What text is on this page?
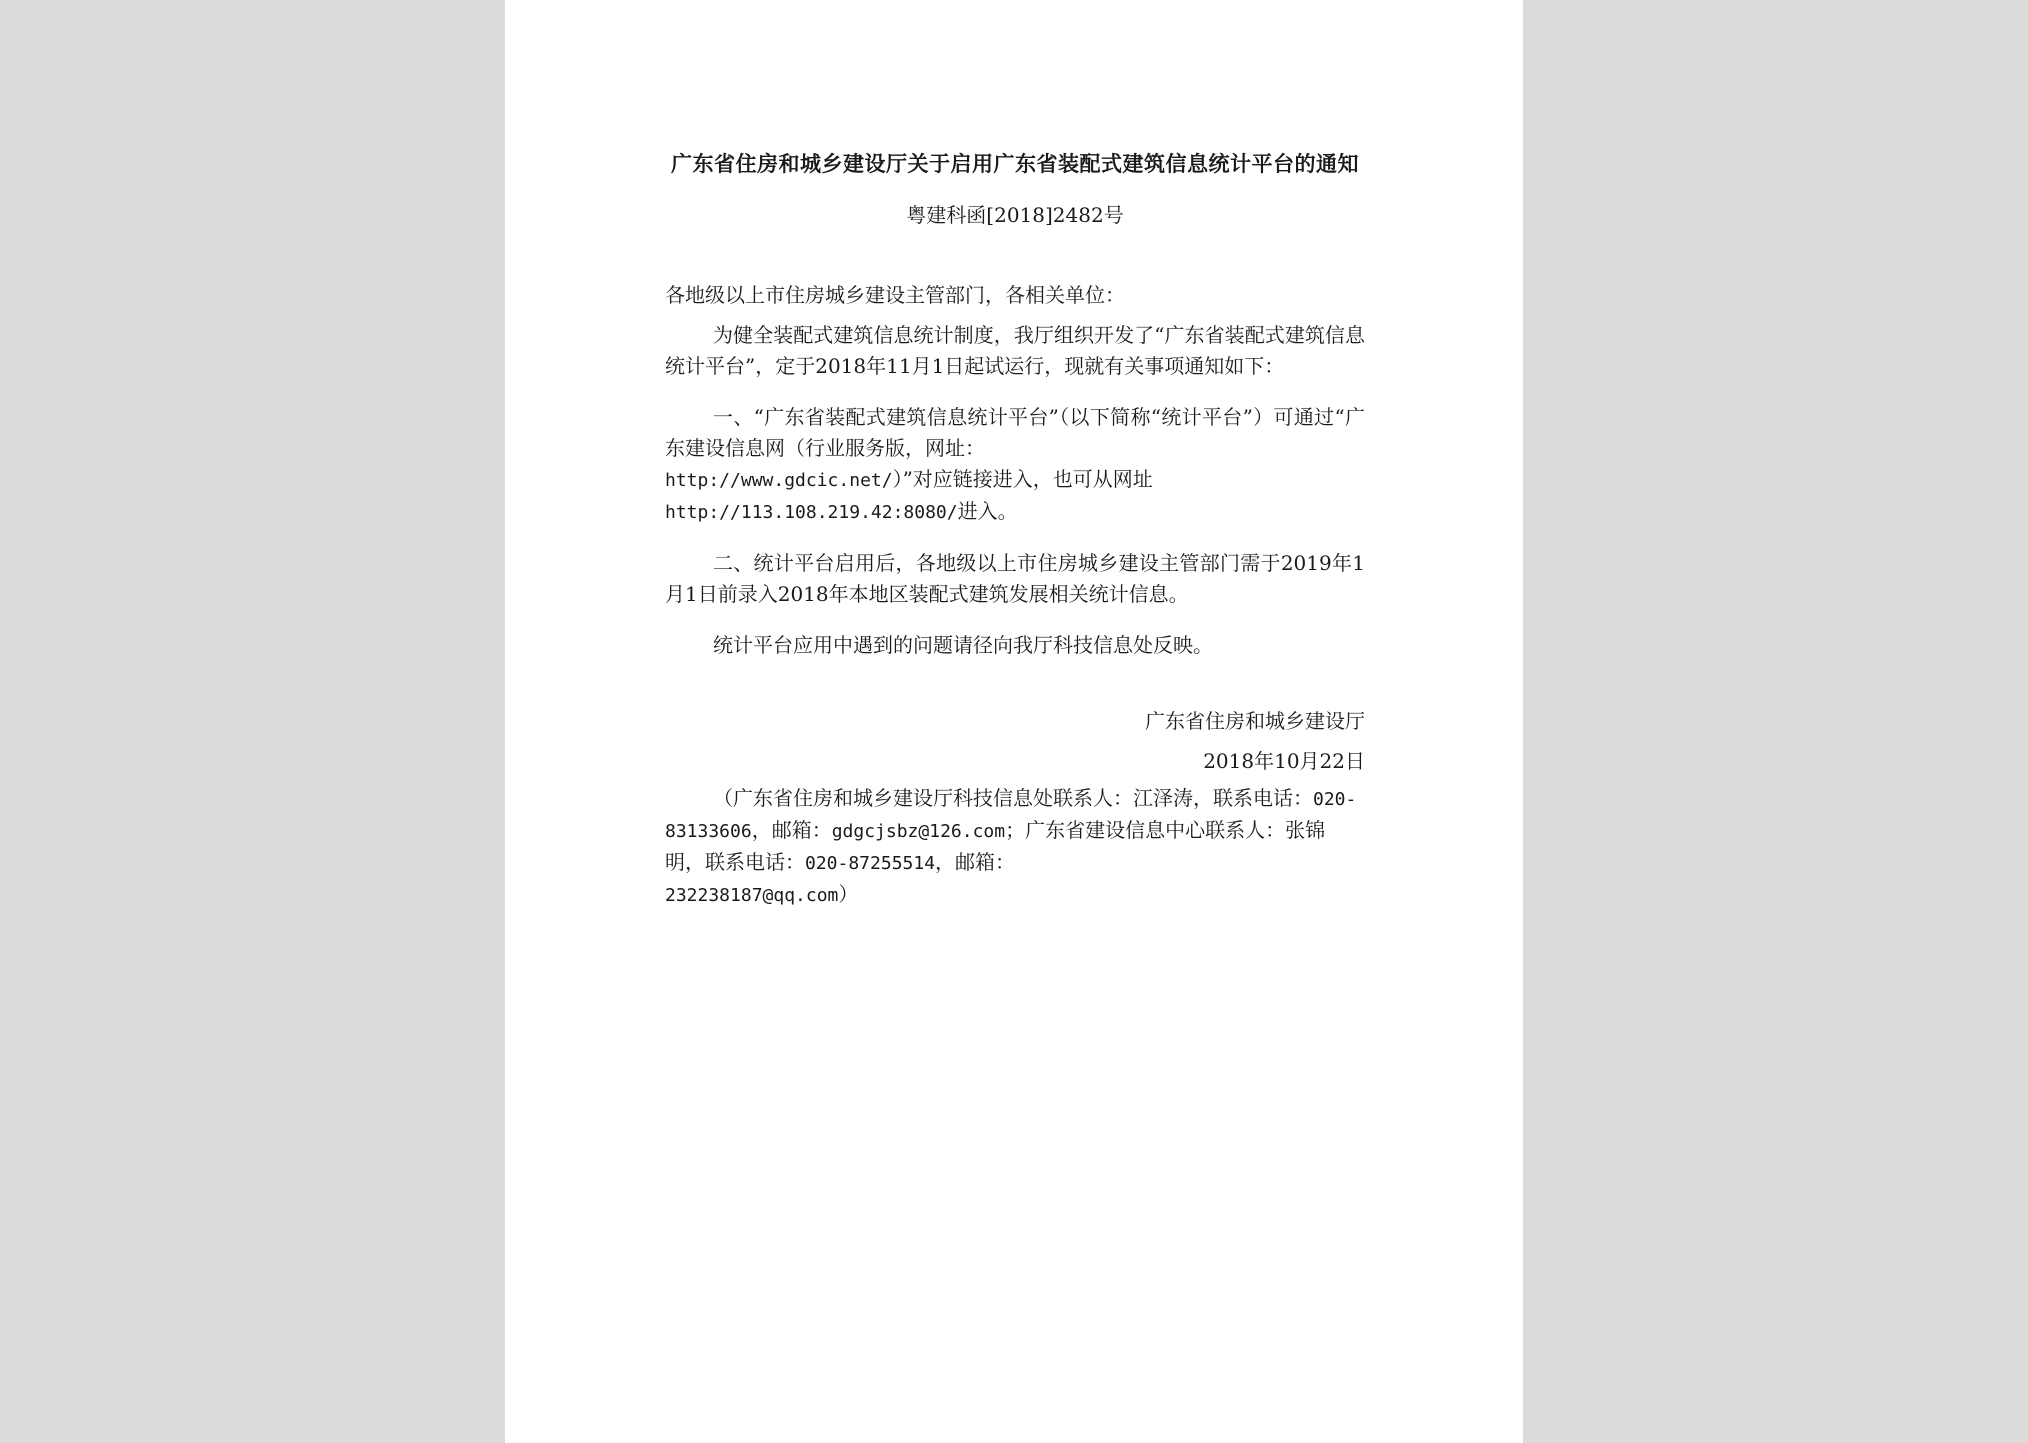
广东省住房和城乡建设厅关于启用广东省装配式建筑信息统计平台的通知
粤建科函[2018]2482号
各地级以上市住房城乡建设主管部门，各相关单位：

为健全装配式建筑信息统计制度，我厅组织开发了“广东省装配式建筑信息统计平台”，定于2018年11月1日起试运行，现就有关事项通知如下：

一、“广东省装配式建筑信息统计平台”（以下简称“统计平台”）可通过“广东建设信息网（行业服务版，网址：
http://www.gdcic.net/）”对应链接进入，也可从网址
http://113.108.219.42:8080/进入。

二、统计平台启用后，各地级以上市住房城乡建设主管部门需于2019年1月1日前录入2018年本地区装配式建筑发展相关统计信息。

统计平台应用中遇到的问题请径向我厅科技信息处反映。

广东省住房和城乡建设厅
2018年10月22日

（广东省住房和城乡建设厅科技信息处联系人：江泽涛，联系电话：020-83133606，邮箱：gdgcjsbz@126.com；广东省建设信息中心联系人：张锦明，联系电话：020-87255514，邮箱：
232238187@qq.com）
